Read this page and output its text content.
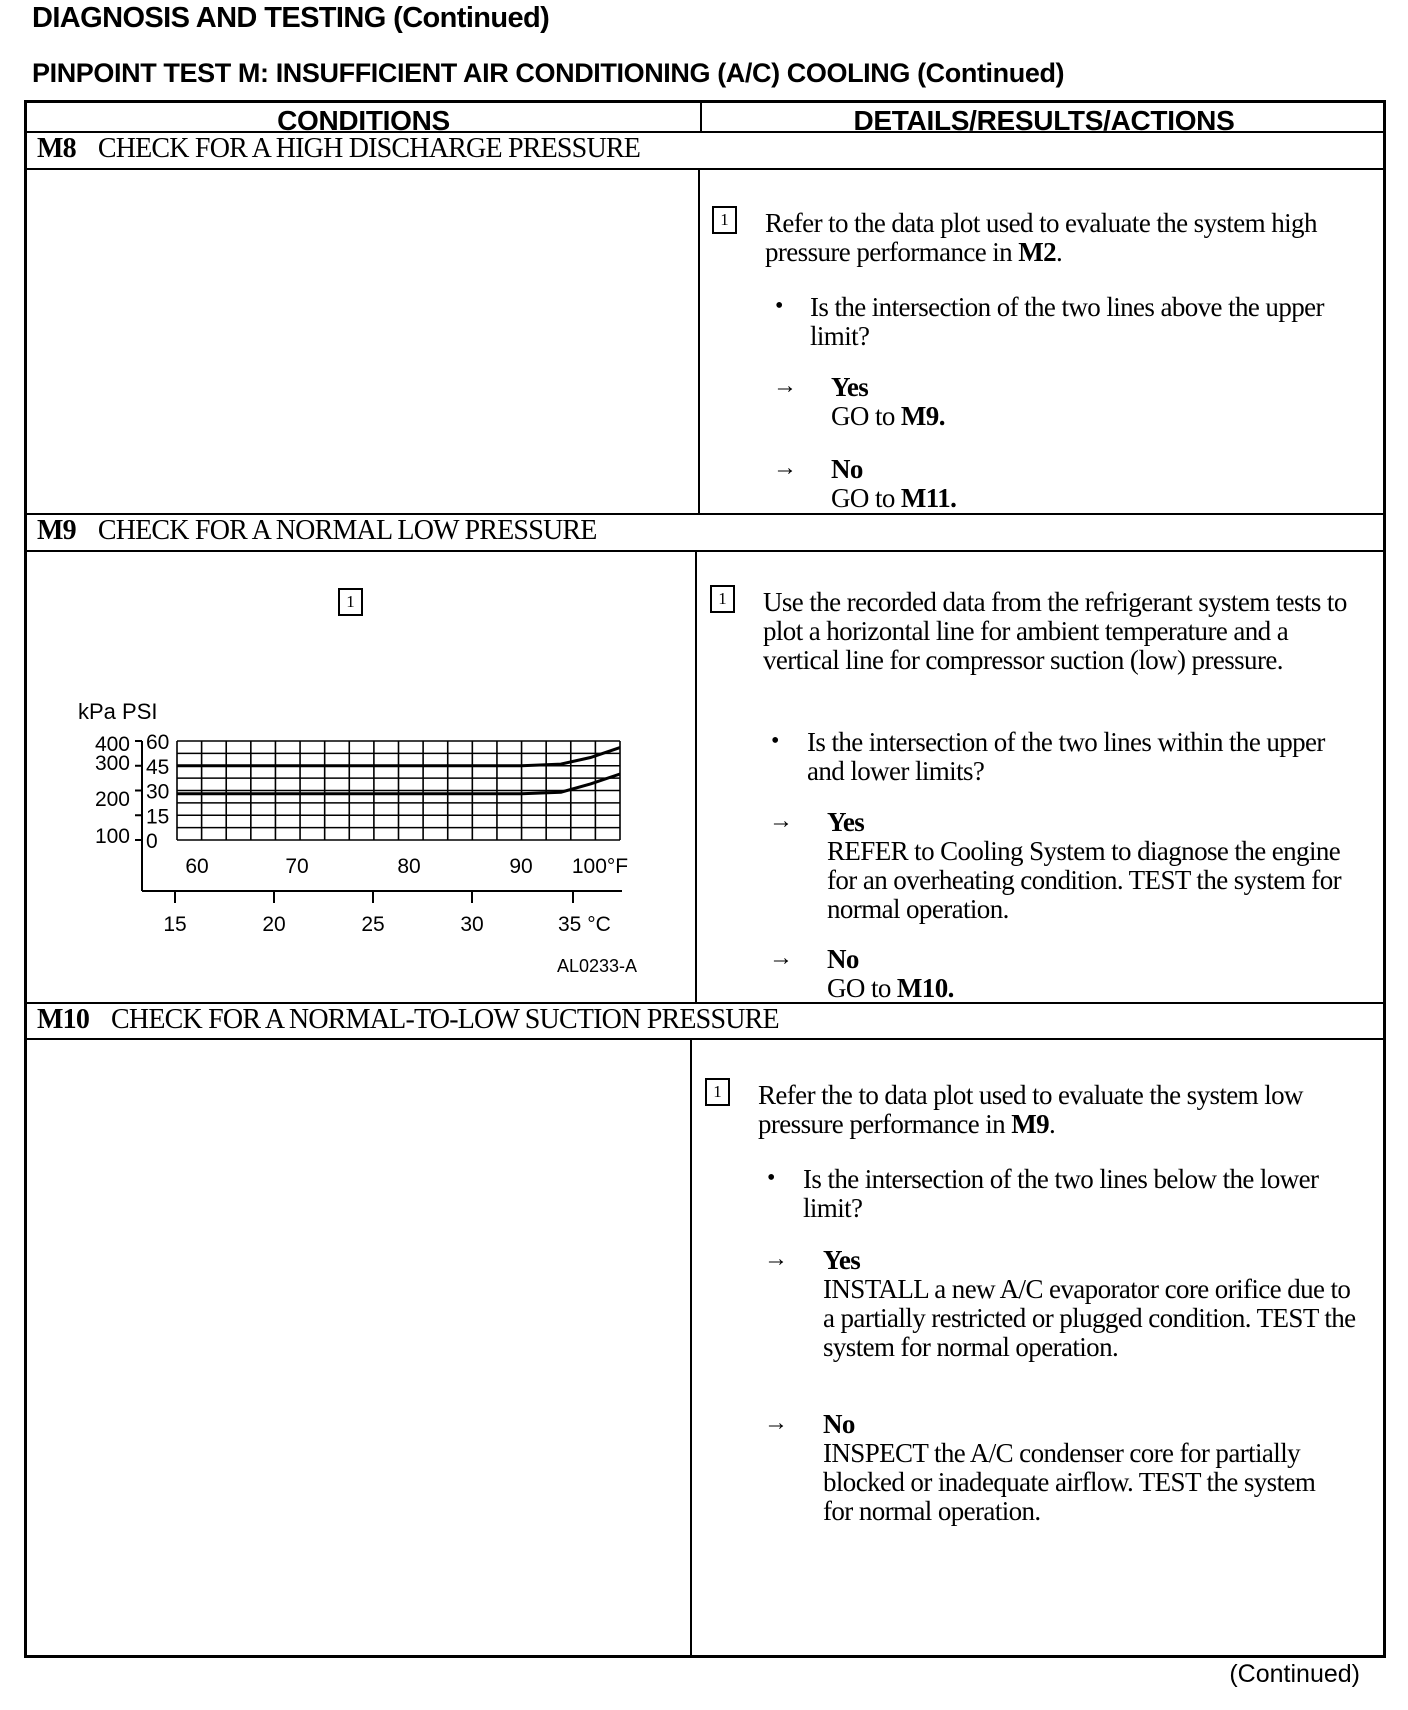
DIAGNOSIS AND TESTING (Continued)
PINPOINT TEST M: INSUFFICIENT AIR CONDITIONING (A/C) COOLING (Continued)
CONDITIONS	DETAILS/RESULTS/ACTIONS
M8 CHECK FOR A HIGH DISCHARGE PRESSURE
1	Refer to the data plot used to evaluate the system high pressure performance in M2.
• Is the intersection of the two lines above the upper limit?
→ Yes
GO to M9.
→ No
GO to M11.
M9 CHECK FOR A NORMAL LOW PRESSURE
1
kPa PSI
60
45
30
15
0
400
300
200
100
60	70	80	90 100°F
15	20	25	30	35 °C
AL0233-A
1	Use the recorded data from the refrigerant system tests to plot a horizontal line for ambient temperature and a vertical line for compressor suction (low) pressure.
• Is the intersection of the two lines within the upper and lower limits?
→ Yes
REFER to Cooling System to diagnose the engine for an overheating condition. TEST the system for normal operation.
→ No
GO to M10.
M10 CHECK FOR A NORMAL-TO-LOW SUCTION PRESSURE
1	Refer the to data plot used to evaluate the system low pressure performance in M9.
• Is the intersection of the two lines below the lower limit?
→ Yes
INSTALL a new A/C evaporator core orifice due to a partially restricted or plugged condition. TEST the system for normal operation.
→ No
INSPECT the A/C condenser core for partially blocked or inadequate airflow. TEST the system for normal operation.
(Continued)
